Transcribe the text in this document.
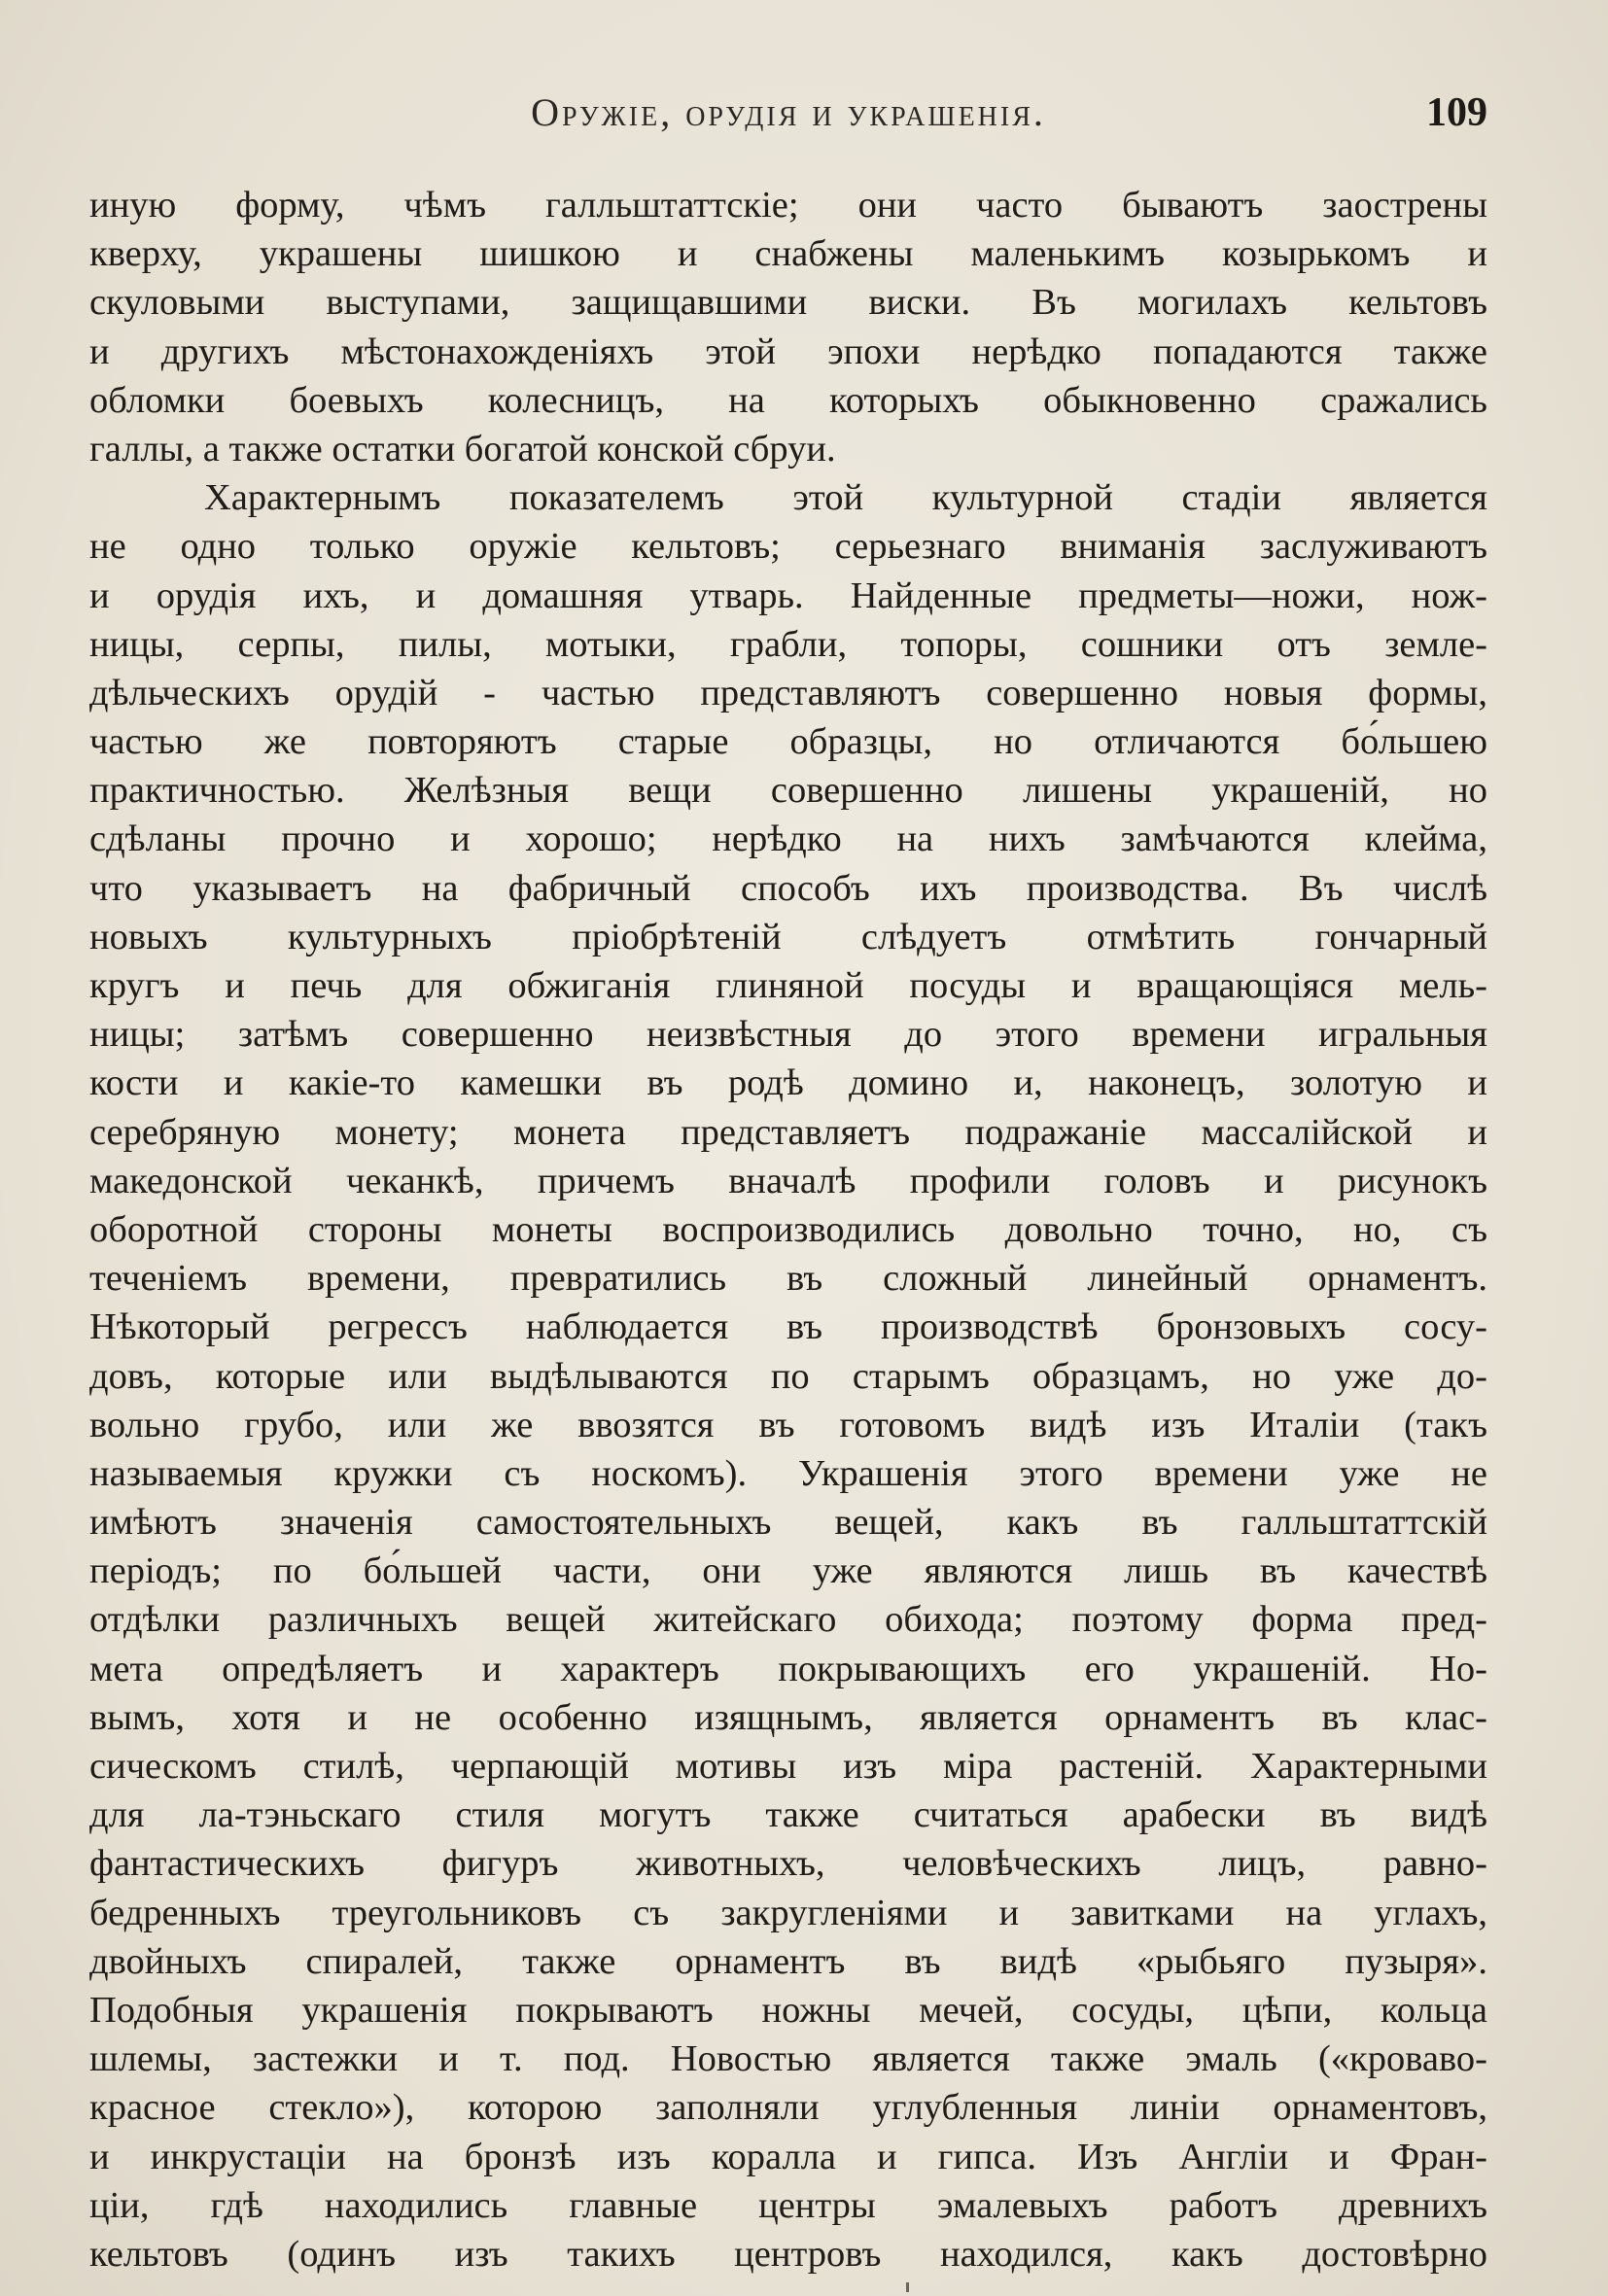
Оружіе, орудія и украшенія.	109
иную форму, чѣмъ галльштаттскіе; они часто бываютъ заострены
кверху, украшены шишкою и снабжены маленькимъ козырькомъ и
скуловыми выступами, защищавшими виски. Въ могилахъ кельтовъ
и другихъ мѣстонахожденіяхъ этой эпохи нерѣдко попадаются также
обломки боевыхъ колесницъ, на которыхъ обыкновенно сражались
галлы, а также остатки богатой конской сбруи.
Характернымъ показателемъ этой культурной стадіи является
не одно только оружіе кельтовъ; серьезнаго вниманія заслуживаютъ
и орудія ихъ, и домашняя утварь. Найденные предметы—ножи, нож-
ницы, серпы, пилы, мотыки, грабли, топоры, сошники отъ земле-
дѣльческихъ орудій - частью представляютъ совершенно новыя формы,
частью же повторяютъ старые образцы, но отличаются бо́льшею
практичностью. Желѣзныя вещи совершенно лишены украшеній, но
сдѣланы прочно и хорошо; нерѣдко на нихъ замѣчаются клейма,
что указываетъ на фабричный способъ ихъ производства. Въ числѣ
новыхъ культурныхъ пріобрѣтеній слѣдуетъ отмѣтить гончарный
кругъ и печь для обжиганія глиняной посуды и вращающіяся мель-
ницы; затѣмъ совершенно неизвѣстныя до этого времени игральныя
кости и какіе-то камешки въ родѣ домино и, наконецъ, золотую и
серебряную монету; монета представляетъ подражаніе массалійской и
македонской чеканкѣ, причемъ вначалѣ профили головъ и рисунокъ
оборотной стороны монеты воспроизводились довольно точно, но, съ
теченіемъ времени, превратились въ сложный линейный орнаментъ.
Нѣкоторый регрессъ наблюдается въ производствѣ бронзовыхъ сосу-
довъ, которые или выдѣлываются по старымъ образцамъ, но уже до-
вольно грубо, или же ввозятся въ готовомъ видѣ изъ Италіи (такъ
называемыя кружки съ носкомъ). Украшенія этого времени уже не
имѣютъ значенія самостоятельныхъ вещей, какъ въ галльштаттскій
періодъ; по бо́льшей части, они уже являются лишь въ качествѣ
отдѣлки различныхъ вещей житейскаго обихода; поэтому форма пред-
мета опредѣляетъ и характеръ покрывающихъ его украшеній. Но-
вымъ, хотя и не особенно изящнымъ, является орнаментъ въ клас-
сическомъ стилѣ, черпающій мотивы изъ міра растеній. Характерными
для ла-тэньскаго стиля могутъ также считаться арабески въ видѣ
фантастическихъ фигуръ животныхъ, человѣческихъ лицъ, равно-
бедренныхъ треугольниковъ съ закругленіями и завитками на углахъ,
двойныхъ спиралей, также орнаментъ въ видѣ «рыбьяго пузыря».
Подобныя украшенія покрываютъ ножны мечей, сосуды, цѣпи, кольца
шлемы, застежки и т. под. Новостью является также эмаль («кроваво-
красное стекло»), которою заполняли углубленныя линіи орнаментовъ,
и инкрустаціи на бронзѣ изъ коралла и гипса. Изъ Англіи и Фран-
ціи, гдѣ находились главные центры эмалевыхъ работъ древнихъ
кельтовъ (одинъ изъ такихъ центровъ находился, какъ достовѣрно
